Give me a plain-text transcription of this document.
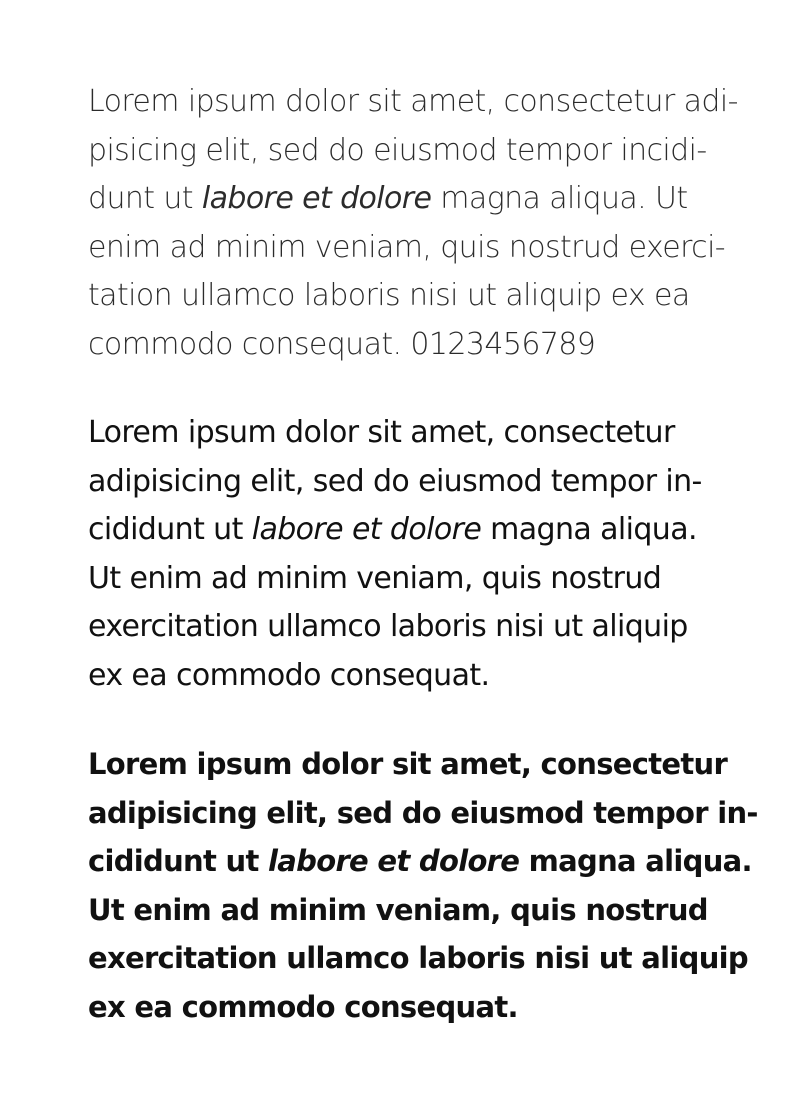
Lorem ipsum dolor sit amet, consectetur adi-
pisicing elit, sed do eiusmod tempor incidi-
dunt ut labore et dolore magna aliqua. Ut
enim ad minim veniam, quis nostrud exerci-
tation ullamco laboris nisi ut aliquip ex ea
commodo consequat. 0123456789

Lorem ipsum dolor sit amet, consectetur
adipisicing elit, sed do eiusmod tempor in-
cididunt ut labore et dolore magna aliqua.
Ut enim ad minim veniam, quis nostrud
exercitation ullamco laboris nisi ut aliquip
ex ea commodo consequat.

Lorem ipsum dolor sit amet, consectetur
adipisicing elit, sed do eiusmod tempor in-
cididunt ut labore et dolore magna aliqua.
Ut enim ad minim veniam, quis nostrud
exercitation ullamco laboris nisi ut aliquip
ex ea commodo consequat.
